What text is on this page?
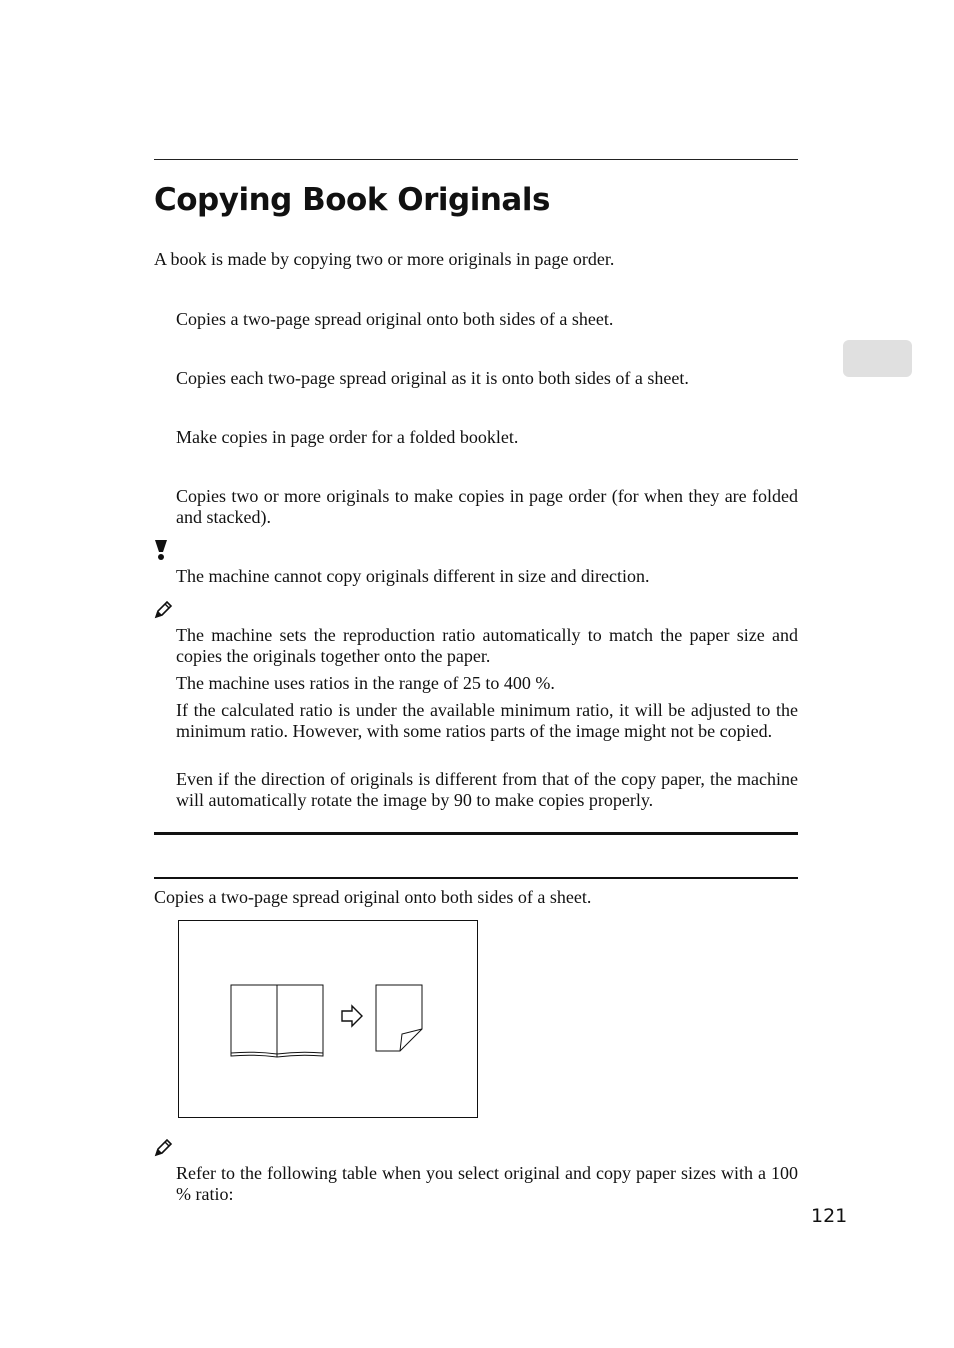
Copying Book Originals
A book is made by copying two or more originals in page order.
Copies a two-page spread original onto both sides of a sheet.
Copies each two-page spread original as it is onto both sides of a sheet.
Make copies in page order for a folded booklet.
Copies two or more originals to make copies in page order (for when they are folded and stacked).
The machine cannot copy originals different in size and direction.
The machine sets the reproduction ratio automatically to match the paper size and copies the originals together onto the paper.
The machine uses ratios in the range of 25 to 400 %.
If the calculated ratio is under the available minimum ratio, it will be adjusted to the minimum ratio. However, with some ratios parts of the image might not be copied.
Even if the direction of originals is different from that of the copy paper, the machine will automatically rotate the image by 90 to make copies properly.
Copies a two-page spread original onto both sides of a sheet.
Refer to the following table when you select original and copy paper sizes with a 100 % ratio:
121
